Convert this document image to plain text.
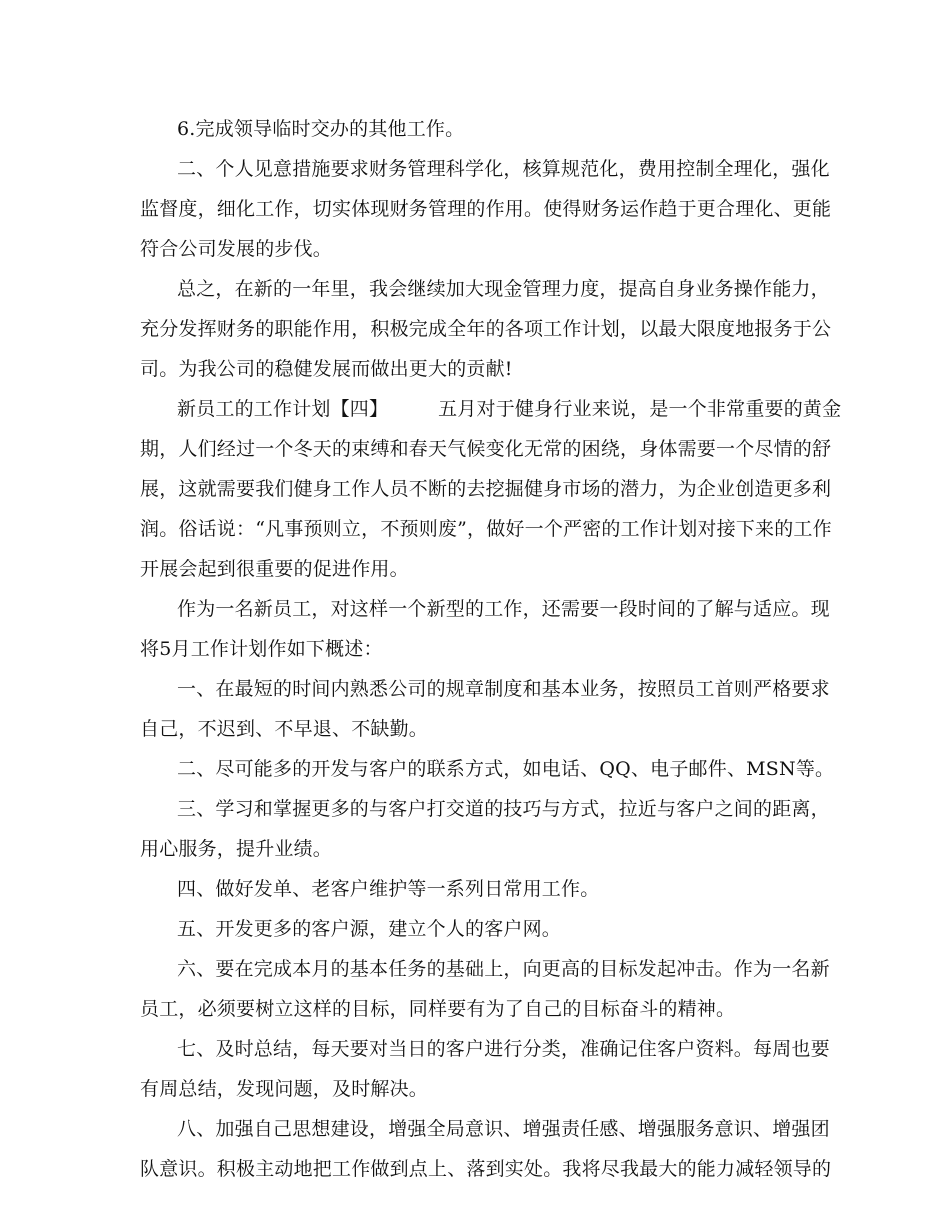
6.完成领导临时交办的其他工作。
二、个人见意措施要求财务管理科学化，核算规范化，费用控制全理化，强化
监督度，细化工作，切实体现财务管理的作用。使得财务运作趋于更合理化、更能
符合公司发展的步伐。
总之，在新的一年里，我会继续加大现金管理力度，提高自身业务操作能力，
充分发挥财务的职能作用，积极完成全年的各项工作计划，以最大限度地报务于公
司。为我公司的稳健发展而做出更大的贡献!
新员工的工作计划【四】        五月对于健身行业来说，是一个非常重要的黄金
期，人们经过一个冬天的束缚和春天气候变化无常的困绕，身体需要一个尽情的舒
展，这就需要我们健身工作人员不断的去挖掘健身市场的潜力，为企业创造更多利
润。俗话说：“凡事预则立，不预则废”，做好一个严密的工作计划对接下来的工作
开展会起到很重要的促进作用。
作为一名新员工，对这样一个新型的工作，还需要一段时间的了解与适应。现
将5月工作计划作如下概述：
一、在最短的时间内熟悉公司的规章制度和基本业务，按照员工首则严格要求
自己，不迟到、不早退、不缺勤。
二、尽可能多的开发与客户的联系方式，如电话、QQ、电子邮件、MSN等。
三、学习和掌握更多的与客户打交道的技巧与方式，拉近与客户之间的距离，
用心服务，提升业绩。
四、做好发单、老客户维护等一系列日常用工作。
五、开发更多的客户源，建立个人的客户网。
六、要在完成本月的基本任务的基础上，向更高的目标发起冲击。作为一名新
员工，必须要树立这样的目标，同样要有为了自己的目标奋斗的精神。
七、及时总结，每天要对当日的客户进行分类，准确记住客户资料。每周也要
有周总结，发现问题，及时解决。
八、加强自己思想建设，增强全局意识、增强责任感、增强服务意识、增强团
队意识。积极主动地把工作做到点上、落到实处。我将尽我最大的能力减轻领导的
